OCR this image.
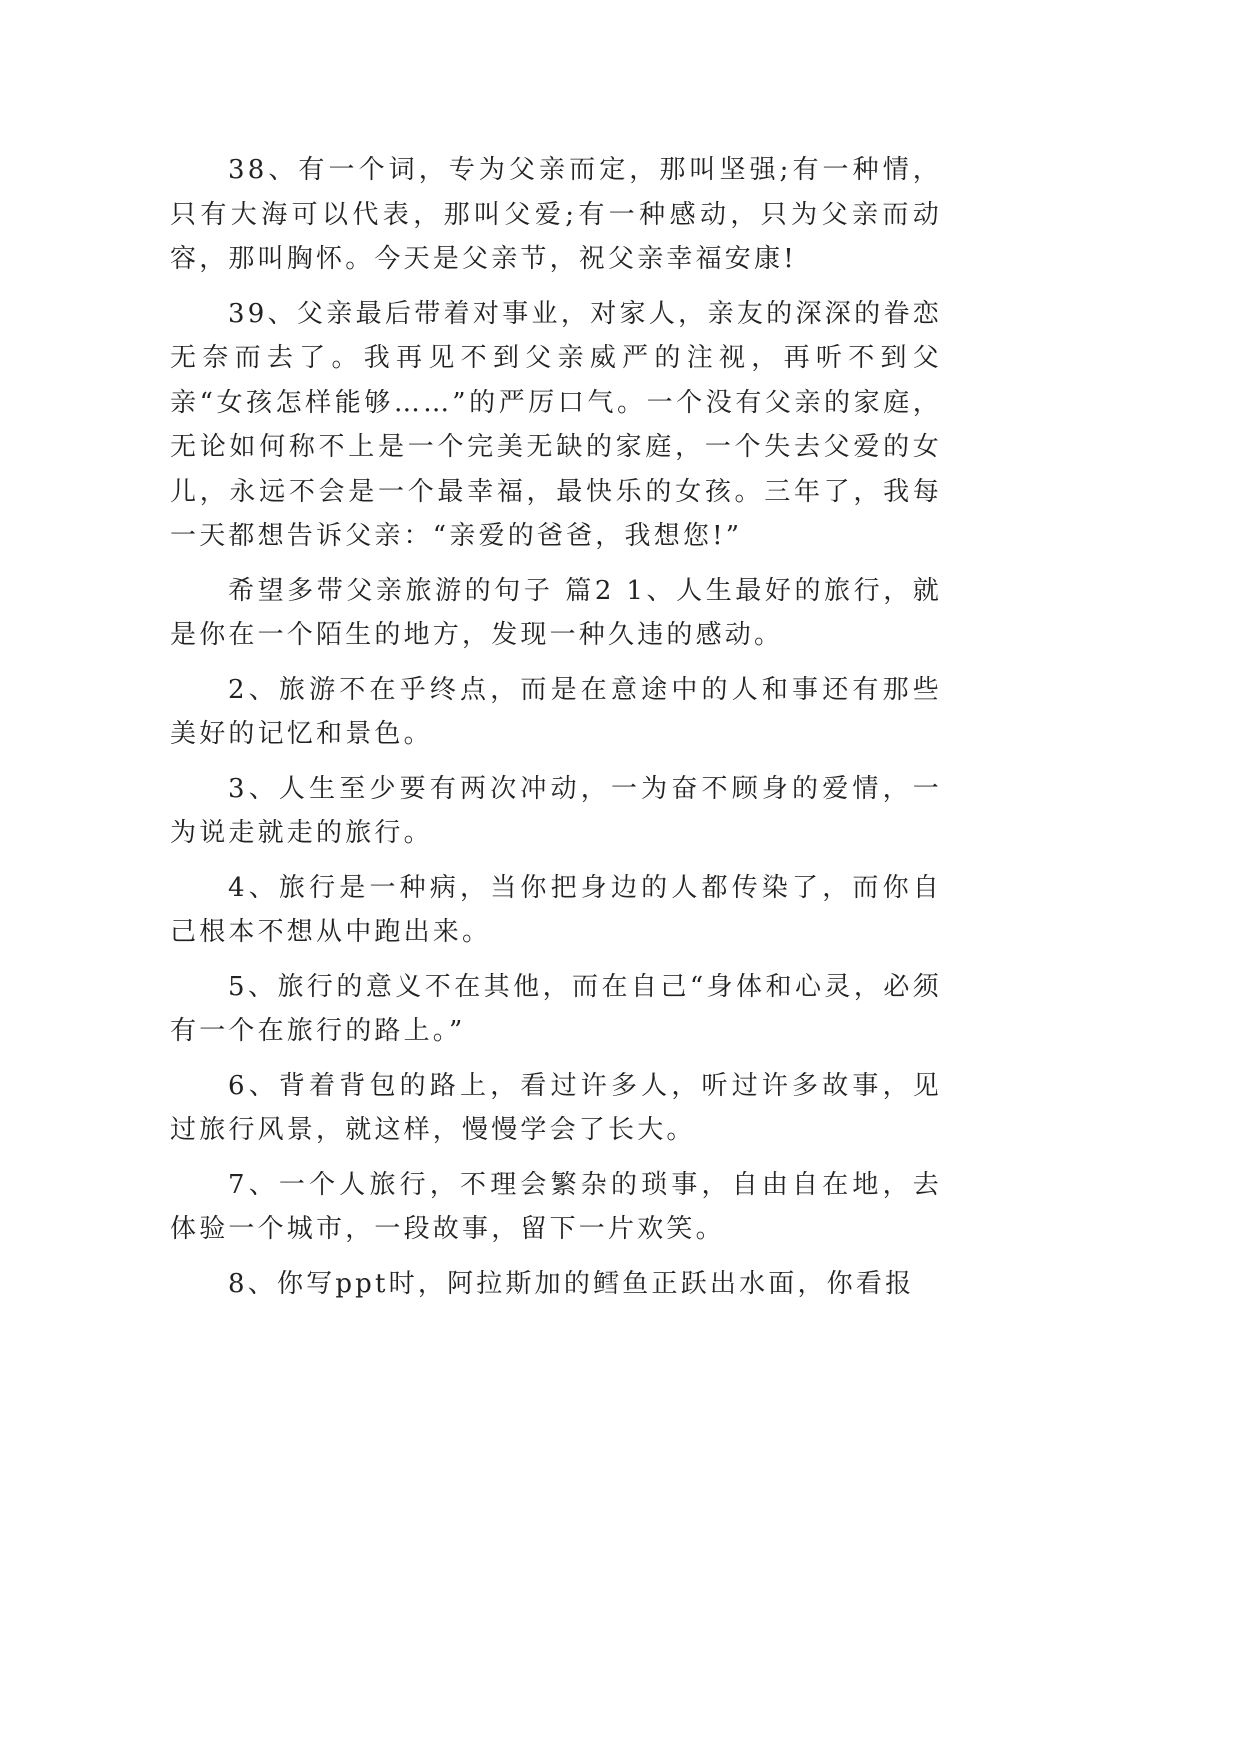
38、有一个词，专为父亲而定，那叫坚强;有一种情，只有大海可以代表，那叫父爱;有一种感动，只为父亲而动容，那叫胸怀。今天是父亲节，祝父亲幸福安康!

39、父亲最后带着对事业，对家人，亲友的深深的眷恋无奈而去了。我再见不到父亲威严的注视，再听不到父亲“女孩怎样能够……”的严厉口气。一个没有父亲的家庭，无论如何称不上是一个完美无缺的家庭，一个失去父爱的女儿，永远不会是一个最幸福，最快乐的女孩。三年了，我每一天都想告诉父亲：“亲爱的爸爸，我想您!”

希望多带父亲旅游的句子 篇2 1、人生最好的旅行，就是你在一个陌生的地方，发现一种久违的感动。

2、旅游不在乎终点，而是在意途中的人和事还有那些美好的记忆和景色。

3、人生至少要有两次冲动，一为奋不顾身的爱情，一为说走就走的旅行。

4、旅行是一种病，当你把身边的人都传染了，而你自己根本不想从中跑出来。

5、旅行的意义不在其他，而在自己“身体和心灵，必须有一个在旅行的路上。”

6、背着背包的路上，看过许多人，听过许多故事，见过旅行风景，就这样，慢慢学会了长大。

7、一个人旅行，不理会繁杂的琐事，自由自在地，去体验一个城市，一段故事，留下一片欢笑。

8、你写ppt时，阿拉斯加的鳕鱼正跃出水面，你看报
